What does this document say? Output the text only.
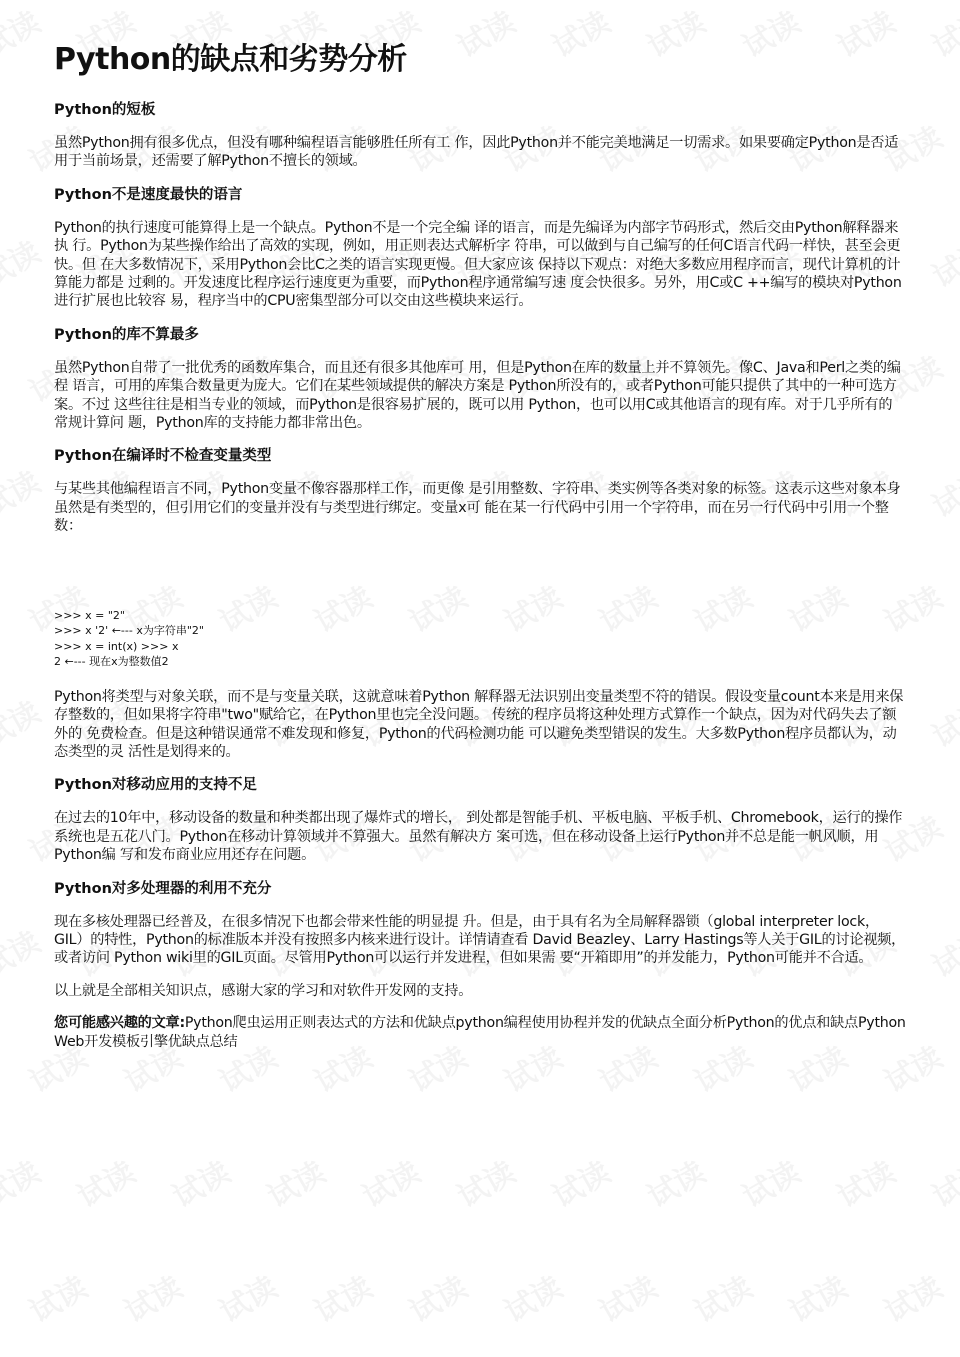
Python的缺点和劣势分析
Python的短板

虽然Python拥有很多优点，但没有哪种编程语言能够胜任所有工 作，因此Python并不能完美地满足一切需求。如果要确定Python是否适 用于当前场景，还需要了解Python不擅长的领域。

Python不是速度最快的语言

Python的执行速度可能算得上是一个缺点。Python不是一个完全编 译的语言，而是先编译为内部字节码形式，然后交由Python解释器来执 行。Python为某些操作给出了高效的实现，例如，用正则表达式解析字 符串，可以做到与自己编写的任何C语言代码一样快，甚至会更快。但 在大多数情况下，采用Python会比C之类的语言实现更慢。但大家应该 保持以下观点：对绝大多数应用程序而言，现代计算机的计算能力都是 过剩的。开发速度比程序运行速度更为重要，而Python程序通常编写速 度会快很多。另外，用C或C ++编写的模块对Python进行扩展也比较容 易，程序当中的CPU密集型部分可以交由这些模块来运行。

Python的库不算最多

虽然Python自带了一批优秀的函数库集合，而且还有很多其他库可 用，但是Python在库的数量上并不算领先。像C、Java和Perl之类的编程 语言，可用的库集合数量更为庞大。它们在某些领域提供的解决方案是 Python所没有的，或者Python可能只提供了其中的一种可选方案。不过 这些往往是相当专业的领域，而Python是很容易扩展的，既可以用 Python，也可以用C或其他语言的现有库。对于几乎所有的常规计算问 题，Python库的支持能力都非常出色。

Python在编译时不检查变量类型

与某些其他编程语言不同，Python变量不像容器那样工作，而更像 是引用整数、字符串、类实例等各类对象的标签。这表示这些对象本身 虽然是有类型的，但引用它们的变量并没有与类型进行绑定。变量x可 能在某一行代码中引用一个字符串，而在另一行代码中引用一个整数：

>>> x = "2"
>>> x '2' ←--- x为字符串"2"
>>> x = int(x) >>> x
2 ←--- 现在x为整数值2

Python将类型与对象关联，而不是与变量关联，这就意味着Python 解释器无法识别出变量类型不符的错误。假设变量count本来是用来保 存整数的，但如果将字符串"two"赋给它，在Python里也完全没问题。 传统的程序员将这种处理方式算作一个缺点，因为对代码失去了额外的 免费检查。但是这种错误通常不难发现和修复，Python的代码检测功能 可以避免类型错误的发生。大多数Python程序员都认为，动态类型的灵 活性是划得来的。

Python对移动应用的支持不足

在过去的10年中，移动设备的数量和种类都出现了爆炸式的增长， 到处都是智能手机、平板电脑、平板手机、Chromebook，运行的操作 系统也是五花八门。Python在移动计算领域并不算强大。虽然有解决方 案可选，但在移动设备上运行Python并不总是能一帆风顺，用Python编 写和发布商业应用还存在问题。

Python对多处理器的利用不充分

现在多核处理器已经普及，在很多情况下也都会带来性能的明显提 升。但是，由于具有名为全局解释器锁（global interpreter lock，GIL）的特性，Python的标准版本并没有按照多内核来进行设计。详情请查看 David Beazley、Larry Hastings等人关于GIL的讨论视频，或者访问 Python wiki里的GIL页面。尽管用Python可以运行并发进程，但如果需 要“开箱即用”的并发能力，Python可能并不合适。

以上就是全部相关知识点，感谢大家的学习和对软件开发网的支持。

您可能感兴趣的文章:Python爬虫运用正则表达式的方法和优缺点python编程使用协程并发的优缺点全面分析Python的优点和缺点Python Web开发模板引擎优缺点总结
